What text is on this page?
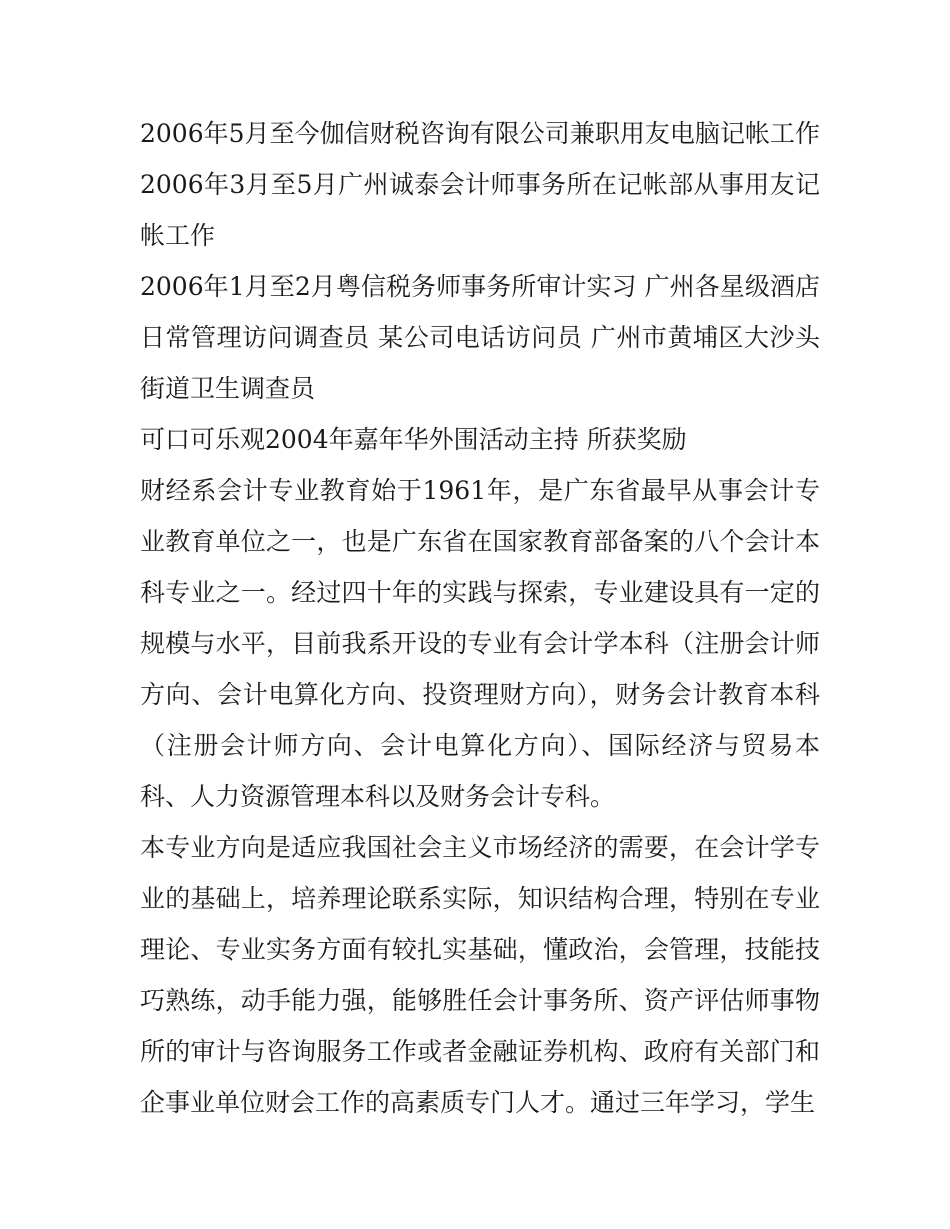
2006年5月至今伽信财税咨询有限公司兼职用友电脑记帐工作 2006年3月至5月广州诚泰会计师事务所在记帐部从事用友记帐工作

2006年1月至2月粤信税务师事务所审计实习 广州各星级酒店日常管理访问调查员 某公司电话访问员 广州市黄埔区大沙头街道卫生调查员

可口可乐观2004年嘉年华外围活动主持 所获奖励

财经系会计专业教育始于1961年，是广东省最早从事会计专业教育单位之一，也是广东省在国家教育部备案的八个会计本科专业之一。经过四十年的实践与探索，专业建设具有一定的规模与水平，目前我系开设的专业有会计学本科（注册会计师方向、会计电算化方向、投资理财方向），财务会计教育本科（注册会计师方向、会计电算化方向）、国际经济与贸易本科、人力资源管理本科以及财务会计专科。

本专业方向是适应我国社会主义市场经济的需要，在会计学专业的基础上，培养理论联系实际，知识结构合理，特别在专业理论、专业实务方面有较扎实基础，懂政治，会管理，技能技巧熟练，动手能力强，能够胜任会计事务所、资产评估师事物所的审计与咨询服务工作或者金融证券机构、政府有关部门和企事业单位财会工作的高素质专门人才。通过三年学习，学生
